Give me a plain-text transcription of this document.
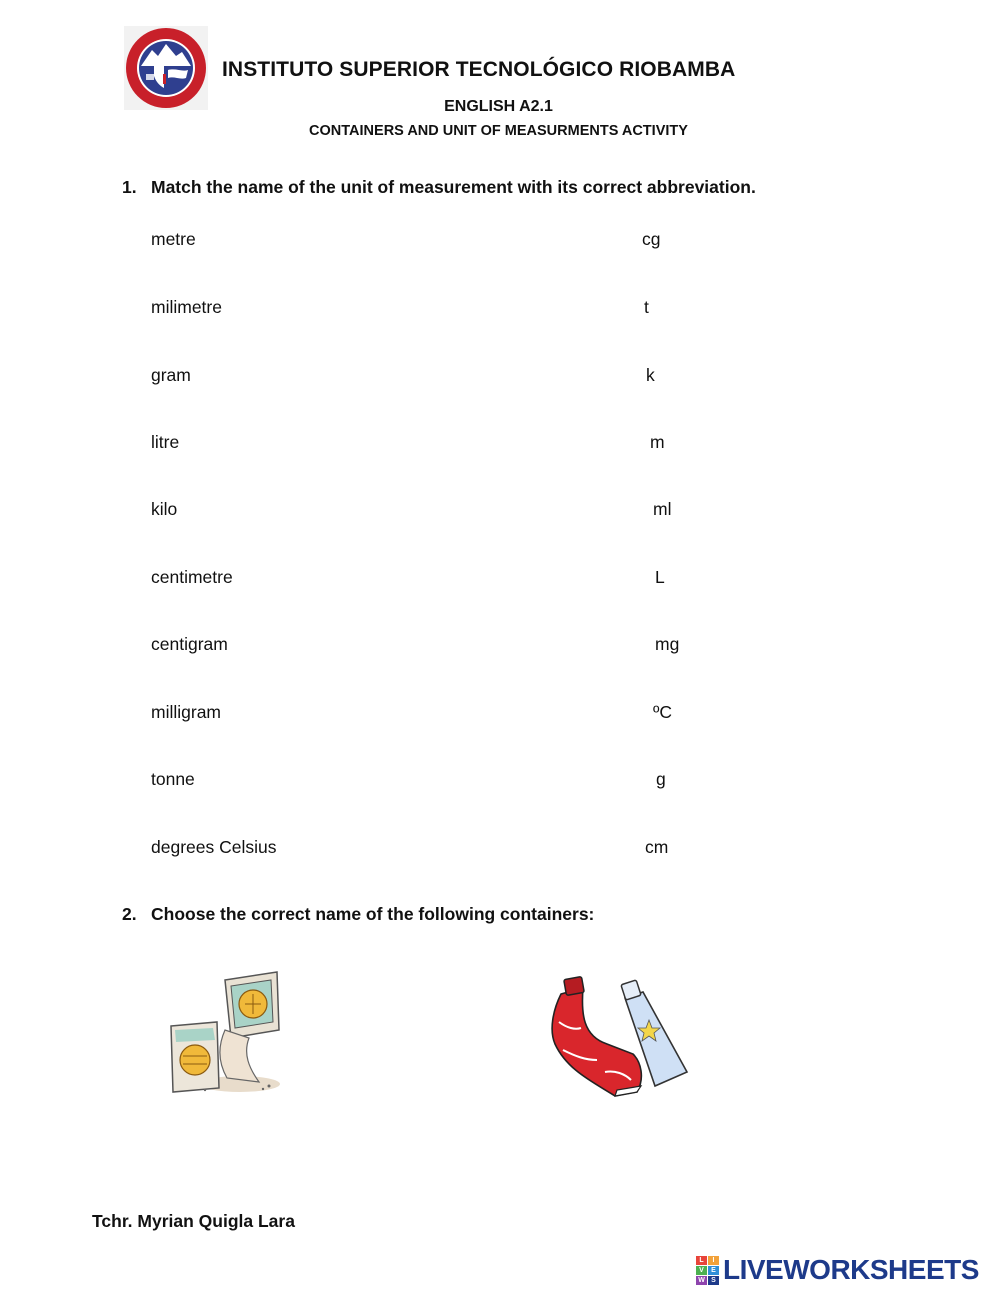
INSTITUTO SUPERIOR TECNOLÓGICO RIOBAMBA
ENGLISH A2.1
CONTAINERS AND UNIT OF MEASURMENTS ACTIVITY
1. Match the name of the unit of measurement with its correct abbreviation.
metre
milimetre
gram
litre
kilo
centimetre
centigram
milligram
tonne
degrees Celsius
cg
t
k
m
ml
L
mg
ºC
g
cm
2. Choose the correct name of the following containers:
Tchr. Myrian Quigla Lara
L	I
V	E
W S LIVEWORKSHEETS
